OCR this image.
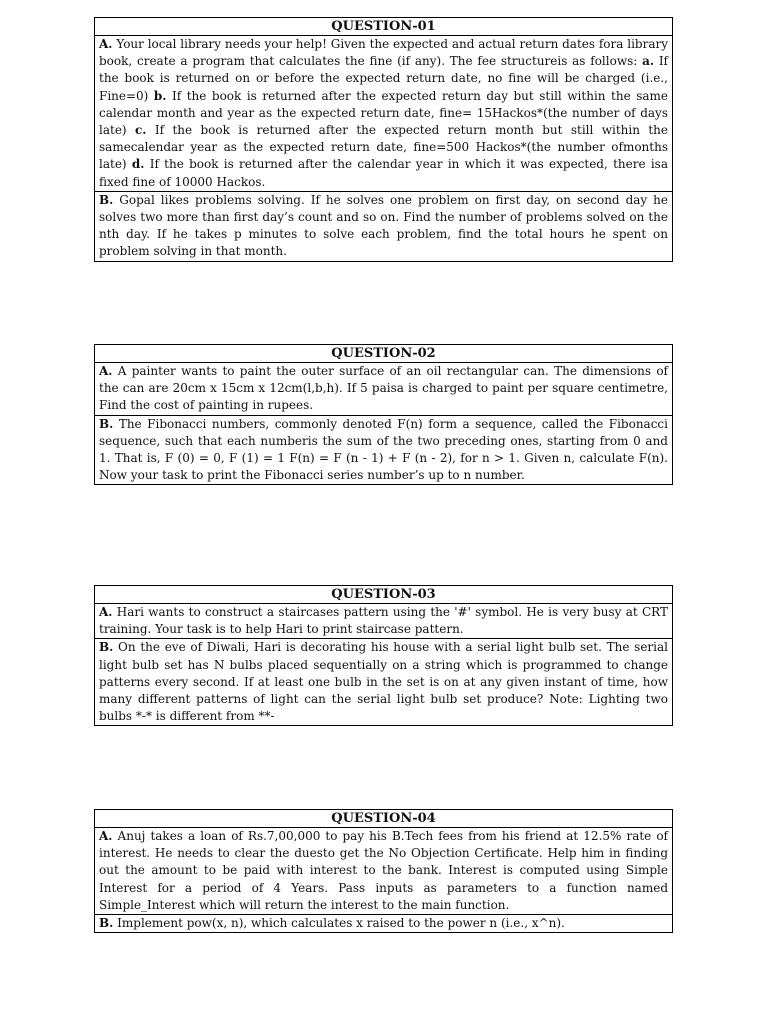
QUESTION-01
A. Your local library needs your help! Given the expected and actual return dates fora library book, create a program that calculates the fine (if any). The fee structureis as follows: a. If the book is returned on or before the expected return date, no fine will be charged (i.e., Fine=0) b. If the book is returned after the expected return day but still within the same calendar month and year as the expected return date, fine= 15Hackos*(the number of days late) c. If the book is returned after the expected return month but still within the samecalendar year as the expected return date, fine=500 Hackos*(the number ofmonths late) d. If the book is returned after the calendar year in which it was expected, there isa fixed fine of 10000 Hackos.
B. Gopal likes problems solving. If he solves one problem on first day, on second day he solves two more than first day’s count and so on. Find the number of problems solved on the nth day. If he takes p minutes to solve each problem, find the total hours he spent on problem solving in that month.
QUESTION-02
A. A painter wants to paint the outer surface of an oil rectangular can. The dimensions of the can are 20cm x 15cm x 12cm(l,b,h). If 5 paisa is charged to paint per square centimetre, Find the cost of painting in rupees.
B. The Fibonacci numbers, commonly denoted F(n) form a sequence, called the Fibonacci sequence, such that each numberis the sum of the two preceding ones, starting from 0 and 1. That is, F (0) = 0, F (1) = 1 F(n) = F (n - 1) + F (n - 2), for n > 1. Given n, calculate F(n). Now your task to print the Fibonacci series number’s up to n number.
QUESTION-03
A. Hari wants to construct a staircases pattern using the '#' symbol. He is very busy at CRT training. Your task is to help Hari to print staircase pattern.
B. On the eve of Diwali, Hari is decorating his house with a serial light bulb set. The serial light bulb set has N bulbs placed sequentially on a string which is programmed to change patterns every second. If at least one bulb in the set is on at any given instant of time, how many different patterns of light can the serial light bulb set produce? Note: Lighting two bulbs *-* is different from **-
QUESTION-04
A. Anuj takes a loan of Rs.7,00,000 to pay his B.Tech fees from his friend at 12.5% rate of interest. He needs to clear the duesto get the No Objection Certificate. Help him in finding out the amount to be paid with interest to the bank. Interest is computed using Simple Interest for a period of 4 Years. Pass inputs as parameters to a function named Simple_Interest which will return the interest to the main function.
B. Implement pow(x, n), which calculates x raised to the power n (i.e., x^n).
